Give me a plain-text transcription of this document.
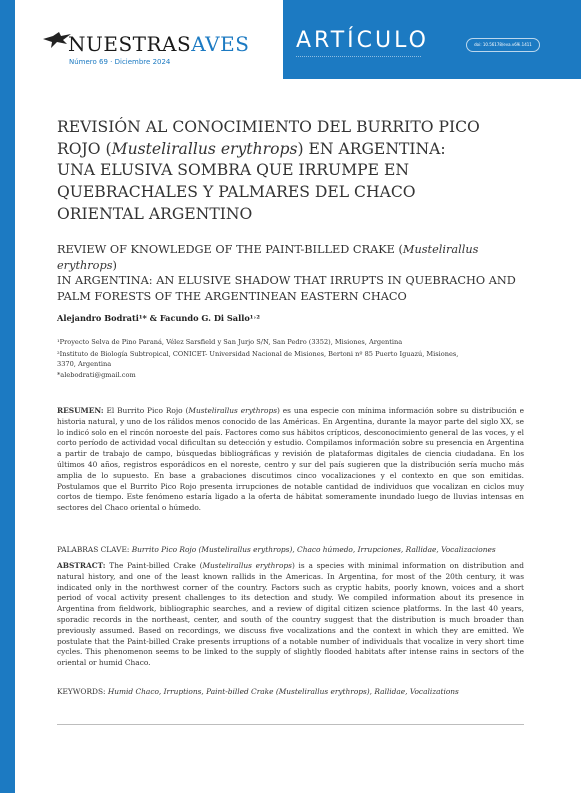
NUESTRASAVES
Número 69 · Diciembre 2024
ARTÍCULO	doi: 10.56178/eva.v69i.1411
REVISIÓN AL CONOCIMIENTO DEL BURRITO PICO
ROJO (Mustelirallus erythrops) EN ARGENTINA:
UNA ELUSIVA SOMBRA QUE IRRUMPE EN
QUEBRACHALES Y PALMARES DEL CHACO
ORIENTAL ARGENTINO
REVIEW OF KNOWLEDGE OF THE PAINT-BILLED CRAKE (Mustelirallus erythrops)
IN ARGENTINA: AN ELUSIVE SHADOW THAT IRRUPTS IN QUEBRACHO AND
PALM FORESTS OF THE ARGENTINEAN EASTERN CHACO
Alejandro Bodrati¹* & Facundo G. Di Sallo¹˒²
¹Proyecto Selva de Pino Paraná, Vélez Sarsfield y San Jurjo S/N, San Pedro (3352), Misiones, Argentina
²Instituto de Biología Subtropical, CONICET- Universidad Nacional de Misiones, Bertoni nº 85 Puerto Iguazú, Misiones,
3370, Argentina
*alebodrati@gmail.com

RESUMEN: El Burrito Pico Rojo (Mustelirallus erythrops) es una especie con mínima información sobre su distribución e historia natural, y uno de los rálidos menos conocido de las Américas. En Argentina, durante la mayor parte del siglo XX, se lo indicó solo en el rincón noroeste del país. Factores como sus hábitos crípticos, desconocimiento general de las voces, y el corto período de actividad vocal dificultan su detección y estudio. Compilamos información sobre su presencia en Argentina a partir de trabajo de campo, búsquedas bibliográficas y revisión de plataformas digitales de ciencia ciudadana. En los últimos 40 años, registros esporádicos en el noreste, centro y sur del país sugieren que la distribución sería mucho más amplia de lo supuesto. En base a grabaciones discutimos cinco vocalizaciones y el contexto en que son emitidas. Postulamos que el Burrito Pico Rojo presenta irrupciones de notable cantidad de individuos que vocalizan en ciclos muy cortos de tiempo. Este fenómeno estaría ligado a la oferta de hábitat someramente inundado luego de lluvias intensas en sectores del Chaco oriental o húmedo.

PALABRAS CLAVE: Burrito Pico Rojo (Mustelirallus erythrops), Chaco húmedo, Irrupciones, Rallidae, Vocalizaciones

ABSTRACT: The Paint-billed Crake (Mustelirallus erythrops) is a species with minimal information on distribution and natural history, and one of the least known rallids in the Americas. In Argentina, for most of the 20th century, it was indicated only in the northwest corner of the country. Factors such as cryptic habits, poorly known, voices and a short period of vocal activity present challenges to its detection and study. We compiled information about its presence in Argentina from fieldwork, bibliographic searches, and a review of digital citizen science platforms. In the last 40 years, sporadic records in the northeast, center, and south of the country suggest that the distribution is much broader than previously assumed. Based on recordings, we discuss five vocalizations and the context in which they are emitted. We postulate that the Paint-billed Crake presents irruptions of a notable number of individuals that vocalize in very short time cycles. This phenomenon seems to be linked to the supply of slightly flooded habitats after intense rains in sectors of the oriental or humid Chaco.

KEYWORDS: Humid Chaco, Irruptions, Paint-billed Crake (Mustelirallus erythrops), Rallidae, Vocalizations
